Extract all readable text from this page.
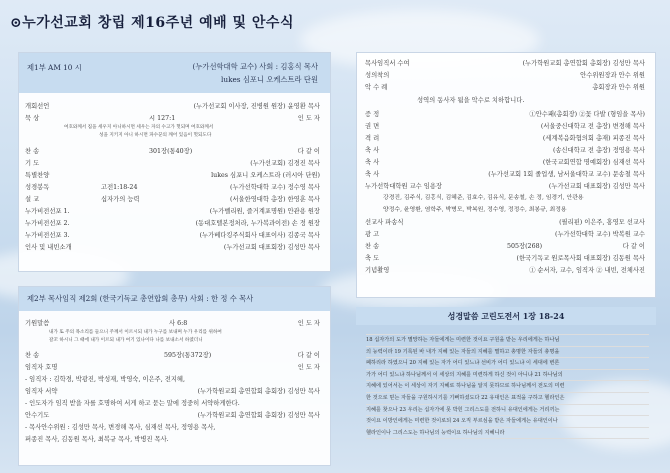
⊙누가선교회 창립 제16주년 예배 및 안수식
제1부 AM 10 시	(누가선학대학 교수) 사회 : 김홍식 목사
lukes 심포니 오케스트라 단원
개회선언	(누가선교회 이사장, 진병원 원장) 윤영환 목사
묵 상	시 127:1	인 도 자
여호와께서 집을 세우지 아니하시면 세우는 자의 수고가 헛되며 여호와께서
성을 지키지 아니 하시면 파수꾼의 깨어 있음이 헛되도다
찬 송	301장(통40장)	다 같 이
기 도	(누가선교회) 김경진 목사
특별찬양	lukes 심포니 오케스트라 (러시아 단원)
성경봉독	고전1:18-24	(누가선학대학 교수) 정수영 목사
설 교	십자가의 능력	(서울한영대학 총장) 한영훈 목사
누가비전선포 1.	(누가벨리원, 즐거계포명원) 안관용 원장
누가비전선포 2.	(동대호텔본정처라, 누가복과이전) 손 정 원장
누가비전선포 3.	(누가베다킹주식회사 대표이사) 김종국 목사
인사 및 내빈소개	(누가선교회 대표회장) 김성만 목사
제2부 목사임직 제2회 (한국기독교 총연합회 총무) 사회 : 한 정 수 목사
기원말씀	사 6:8	인 도 자
내가 또 주의 목소리를 들으니 주께서 이르시되 내가 누구를 보내며 누가 우리를 위하여
갈꼬 하시니 그 때에 내가 이르되 내가 여기 있나이다 나를 보내소서 하였더니
찬 송	595장(통372장)	다 같 이
임직자 호명	인 도 자
- 임직자 : 김학경, 박광진, 박성재, 박영숙, 이은주, 전지혜,
임직자 서약	(누가학원교회 총연합회 총회장) 김성만 목사
- 인도자가 임직 받을 자를 호명하여 서게 하고 묻는 말에 정중히 서약하게한다.
안수기도	(누가학원교회 총연합회 총회장) 김성만 목사
- 목사안수위원 : 김성만 목사, 변경해 목사, 심재선 목사, 정영용 목사,
퍼종진 목사, 김동원 목사, 최복규 목사, 박병진 목사.
목사임직서 수여	(누가학원교회 총연합회 총회장) 김성만 목사
성의착의	안수위원장과 안수 위원
악 수 례	총회장과 안수 위원
성역의 동사자 됨을 악수로 치하합니다.
증 정	①안수패(총회장) ②꽃 다발 (형임을 목사)
권 면	(서울중신대학교 전 총장) 변경해 목사
격 려	(세계복음화협의회 총재) 피종진 목사
축 사	(송신대학교 전 총장) 정영용 목사
축 사	(한국교회연합 명예회장) 심재선 목사
축 사	(누가선교회 1회 졸업생, 남서울대학교 교수) 문송철 목사
누가선학대학원 교수 임용장	(누가선교회 대표회장) 김성만 목사
강경진, 김주식, 김홍식, 김혜준, 김효수, 김유식, 문송철, 손 정, 임경기, 안관용
양정수, 윤영환, 염학주, 박병모, 박복원, 정수영, 정정수, 최봉규, 최정용
선교사 파송식	(필리핀) 이은주, 홍영모 선교사
광 고	(누가선학대학 교수) 박복원 교수
찬 송	505장(268)	다 같 이
축 도	(한국기독교 원로목사회 대표회장) 김동원 목사
기념촬영	① 순서자, 교수, 임직자 ② 내빈, 전체사진
성경말씀 고린도전서 1장 18-24

18 십자가의 도가 멸망하는 자들에게는 미련한 것이요 구원을 받는 우리에게는 하나님

의 능력이라 19 기록된 바 내가 지혜 있는 자들의 지혜를 멸하고 총명한 자들의 총명을

폐하리라 하였으니 20 지혜 있는 자가 어디 있느냐 선비가 어디 있느냐 이 세대에 변론

가가 어디 있느냐 하나님께서 이 세상의 지혜를 미련하게 하신 것이 아니냐 21 하나님의

지혜에 있어서는 이 세상이 자기 지혜로 하나님을 알지 못하므로 하나님께서 전도의 미련

한 것으로 믿는 자들을 구원하시기를 기뻐하셨도다 22 유대인은 표적을 구하고 헬라인은

지혜를 찾으나 23 우리는 십자가에 못 박힌 그리스도를 전하니 유대인에게는 거리끼는

것이요 이방인에게는 미련한 것이로되 24 오직 부르심을 받은 자들에게는 유대인이나

헬라인이나 그리스도는 하나님의 능력이요 하나님의 지혜니라
